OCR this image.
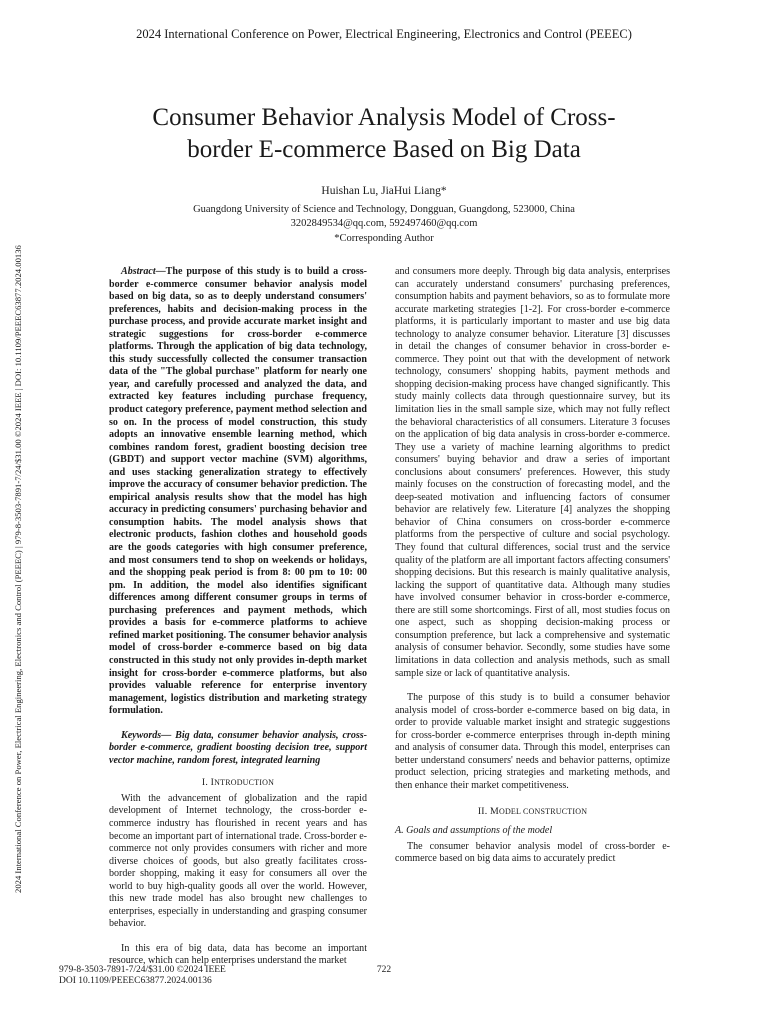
2024 International Conference on Power, Electrical Engineering, Electronics and Control (PEEEC)
2024 International Conference on Power, Electrical Engineering, Electronics and Control (PEEEC) | 979-8-3503-7891-7/24/$31.00 ©2024 IEEE | DOI: 10.1109/PEEEC63877.2024.00136
Consumer Behavior Analysis Model of Cross-
border E-commerce Based on Big Data
Huishan Lu, JiaHui Liang*
Guangdong University of Science and Technology, Dongguan, Guangdong, 523000, China
3202849534@qq.com, 592497460@qq.com
*Corresponding Author

Abstract—The purpose of this study is to build a cross-border e-commerce consumer behavior analysis model based on big data, so as to deeply understand consumers' preferences, habits and decision-making process in the purchase process, and provide accurate market insight and strategic suggestions for cross-border e-commerce platforms. Through the application of big data technology, this study successfully collected the consumer transaction data of the "The global purchase" platform for nearly one year, and carefully processed and analyzed the data, and extracted key features including purchase frequency, product category preference, payment method selection and so on. In the process of model construction, this study adopts an innovative ensemble learning method, which combines random forest, gradient boosting decision tree (GBDT) and support vector machine (SVM) algorithms, and uses stacking generalization strategy to effectively improve the accuracy of consumer behavior prediction. The empirical analysis results show that the model has high accuracy in predicting consumers' purchasing behavior and consumption habits. The model analysis shows that electronic products, fashion clothes and household goods are the goods categories with high consumer preference, and most consumers tend to shop on weekends or holidays, and the shopping peak period is from 8: 00 pm to 10: 00 pm. In addition, the model also identifies significant differences among different consumer groups in terms of purchasing preferences and payment methods, which provides a basis for e-commerce platforms to achieve refined market positioning. The consumer behavior analysis model of cross-border e-commerce based on big data constructed in this study not only provides in-depth market insight for cross-border e-commerce platforms, but also provides valuable reference for enterprise inventory management, logistics distribution and marketing strategy formulation.

Keywords— Big data, consumer behavior analysis, cross-border e-commerce, gradient boosting decision tree, support vector machine, random forest, integrated learning

I. INTRODUCTION

With the advancement of globalization and the rapid development of Internet technology, the cross-border e-commerce industry has flourished in recent years and has become an important part of international trade. Cross-border e-commerce not only provides consumers with richer and more diverse choices of goods, but also greatly facilitates cross-border shopping, making it easy for consumers all over the world to buy high-quality goods all over the world. However, this new trade model has also brought new challenges to enterprises, especially in understanding and grasping consumer behavior.

In this era of big data, data has become an important resource, which can help enterprises understand the market

and consumers more deeply. Through big data analysis, enterprises can accurately understand consumers' purchasing preferences, consumption habits and payment behaviors, so as to formulate more accurate marketing strategies [1-2]. For cross-border e-commerce platforms, it is particularly important to master and use big data technology to analyze consumer behavior. Literature [3] discusses in detail the changes of consumer behavior in cross-border e-commerce. They point out that with the development of network technology, consumers' shopping habits, payment methods and shopping decision-making process have changed significantly. This study mainly collects data through questionnaire survey, but its limitation lies in the small sample size, which may not fully reflect the behavioral characteristics of all consumers. Literature 3 focuses on the application of big data analysis in cross-border e-commerce. They use a variety of machine learning algorithms to predict consumers' buying behavior and draw a series of important conclusions about consumers' preferences. However, this study mainly focuses on the construction of forecasting model, and the deep-seated motivation and influencing factors of consumer behavior are relatively few. Literature [4] analyzes the shopping behavior of China consumers on cross-border e-commerce platforms from the perspective of culture and social psychology. They found that cultural differences, social trust and the service quality of the platform are all important factors affecting consumers' shopping decisions. But this research is mainly qualitative analysis, lacking the support of quantitative data. Although many studies have involved consumer behavior in cross-border e-commerce, there are still some shortcomings. First of all, most studies focus on one aspect, such as shopping decision-making process or consumption preference, but lack a comprehensive and systematic analysis of consumer behavior. Secondly, some studies have some limitations in data collection and analysis methods, such as small sample size or lack of quantitative analysis.

The purpose of this study is to build a consumer behavior analysis model of cross-border e-commerce based on big data, in order to provide valuable market insight and strategic suggestions for cross-border e-commerce enterprises through in-depth mining and analysis of consumer data. Through this model, enterprises can better understand consumers' needs and behavior patterns, optimize product selection, pricing strategies and marketing methods, and then enhance their market competitiveness.

II. MODEL CONSTRUCTION

A. Goals and assumptions of the model

The consumer behavior analysis model of cross-border e-commerce based on big data aims to accurately predict

979-8-3503-7891-7/24/$31.00 ©2024 IEEE
DOI 10.1109/PEEEC63877.2024.00136
722
